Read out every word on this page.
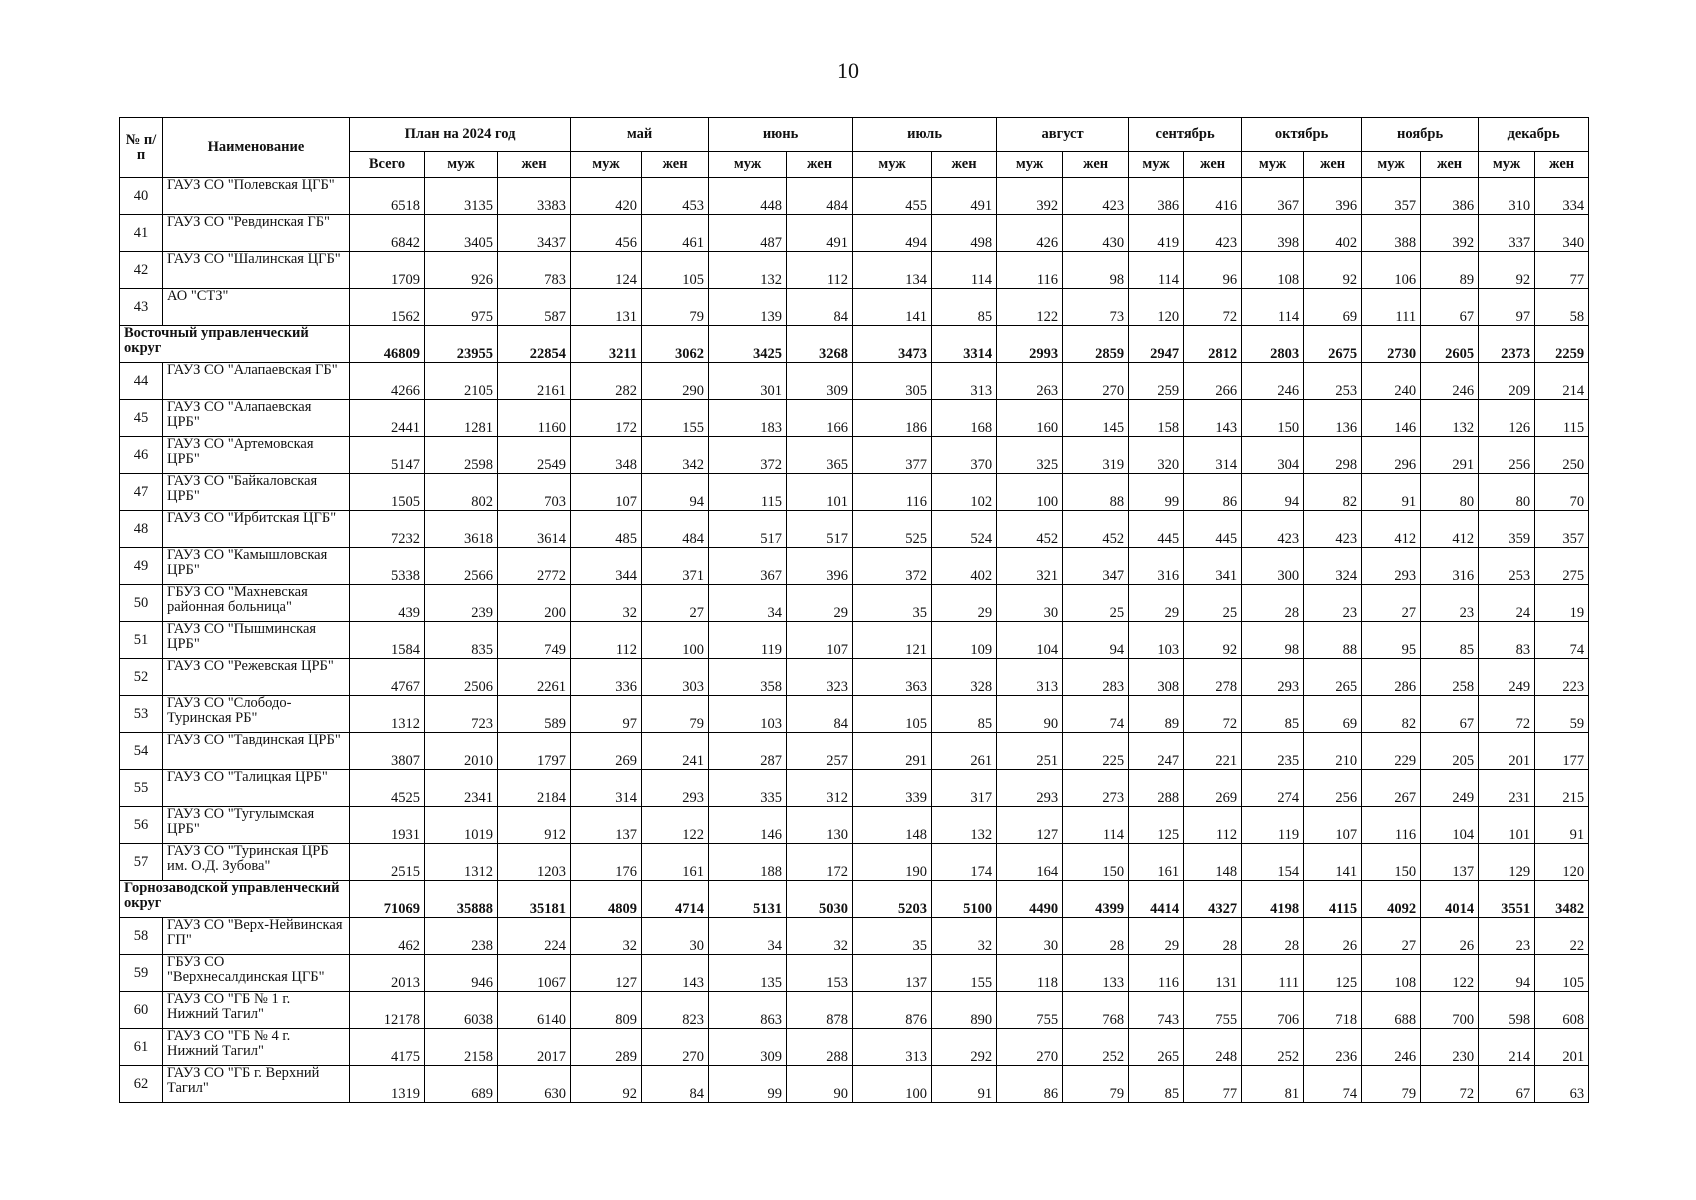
10
№ п/п	Наименование	План на 2024 год			май		июнь		июль		август		сентябрь		октябрь		ноябрь		декабрь	
		Всего	муж	жен	муж	жен	муж	жен	муж	жен	муж	жен	муж	жен	муж	жен	муж	жен	муж	жен
40	ГАУЗ СО "Полевская ЦГБ"	6518	3135	3383	420	453	448	484	455	491	392	423	386	416	367	396	357	386	310	334
41	ГАУЗ СО "Ревдинская ГБ"	6842	3405	3437	456	461	487	491	494	498	426	430	419	423	398	402	388	392	337	340
42	ГАУЗ СО "Шалинская ЦГБ"	1709	926	783	124	105	132	112	134	114	116	98	114	96	108	92	106	89	92	77
43	АО "СТЗ"	1562	975	587	131	79	139	84	141	85	122	73	120	72	114	69	111	67	97	58
Восточный управленческий округ		46809	23955	22854	3211	3062	3425	3268	3473	3314	2993	2859	2947	2812	2803	2675	2730	2605	2373	2259
44	ГАУЗ СО "Алапаевская ГБ"	4266	2105	2161	282	290	301	309	305	313	263	270	259	266	246	253	240	246	209	214
45	ГАУЗ СО "Алапаевская ЦРБ"	2441	1281	1160	172	155	183	166	186	168	160	145	158	143	150	136	146	132	126	115
46	ГАУЗ СО "Артемовская ЦРБ"	5147	2598	2549	348	342	372	365	377	370	325	319	320	314	304	298	296	291	256	250
47	ГАУЗ СО "Байкаловская ЦРБ"	1505	802	703	107	94	115	101	116	102	100	88	99	86	94	82	91	80	80	70
48	ГАУЗ СО "Ирбитская ЦГБ"	7232	3618	3614	485	484	517	517	525	524	452	452	445	445	423	423	412	412	359	357
49	ГАУЗ СО "Камышловская ЦРБ"	5338	2566	2772	344	371	367	396	372	402	321	347	316	341	300	324	293	316	253	275
50	ГБУЗ СО "Махневская районная больница"	439	239	200	32	27	34	29	35	29	30	25	29	25	28	23	27	23	24	19
51	ГАУЗ СО "Пышминская ЦРБ"	1584	835	749	112	100	119	107	121	109	104	94	103	92	98	88	95	85	83	74
52	ГАУЗ СО "Режевская ЦРБ"	4767	2506	2261	336	303	358	323	363	328	313	283	308	278	293	265	286	258	249	223
53	ГАУЗ СО "Слободо-Туринская РБ"	1312	723	589	97	79	103	84	105	85	90	74	89	72	85	69	82	67	72	59
54	ГАУЗ СО "Тавдинская ЦРБ"	3807	2010	1797	269	241	287	257	291	261	251	225	247	221	235	210	229	205	201	177
55	ГАУЗ СО "Талицкая ЦРБ"	4525	2341	2184	314	293	335	312	339	317	293	273	288	269	274	256	267	249	231	215
56	ГАУЗ СО "Тугулымская ЦРБ"	1931	1019	912	137	122	146	130	148	132	127	114	125	112	119	107	116	104	101	91
57	ГАУЗ СО "Туринская ЦРБ им. О.Д. Зубова"	2515	1312	1203	176	161	188	172	190	174	164	150	161	148	154	141	150	137	129	120
Горнозаводской управленческий округ		71069	35888	35181	4809	4714	5131	5030	5203	5100	4490	4399	4414	4327	4198	4115	4092	4014	3551	3482
58	ГАУЗ СО "Верх-Нейвинская ГП"	462	238	224	32	30	34	32	35	32	30	28	29	28	28	26	27	26	23	22
59	ГБУЗ СО "Верхнесалдинская ЦГБ"	2013	946	1067	127	143	135	153	137	155	118	133	116	131	111	125	108	122	94	105
60	ГАУЗ СО "ГБ № 1 г. Нижний Тагил"	12178	6038	6140	809	823	863	878	876	890	755	768	743	755	706	718	688	700	598	608
61	ГАУЗ СО "ГБ № 4 г. Нижний Тагил"	4175	2158	2017	289	270	309	288	313	292	270	252	265	248	252	236	246	230	214	201
62	ГАУЗ СО "ГБ г. Верхний Тагил"	1319	689	630	92	84	99	90	100	91	86	79	85	77	81	74	79	72	67	63
